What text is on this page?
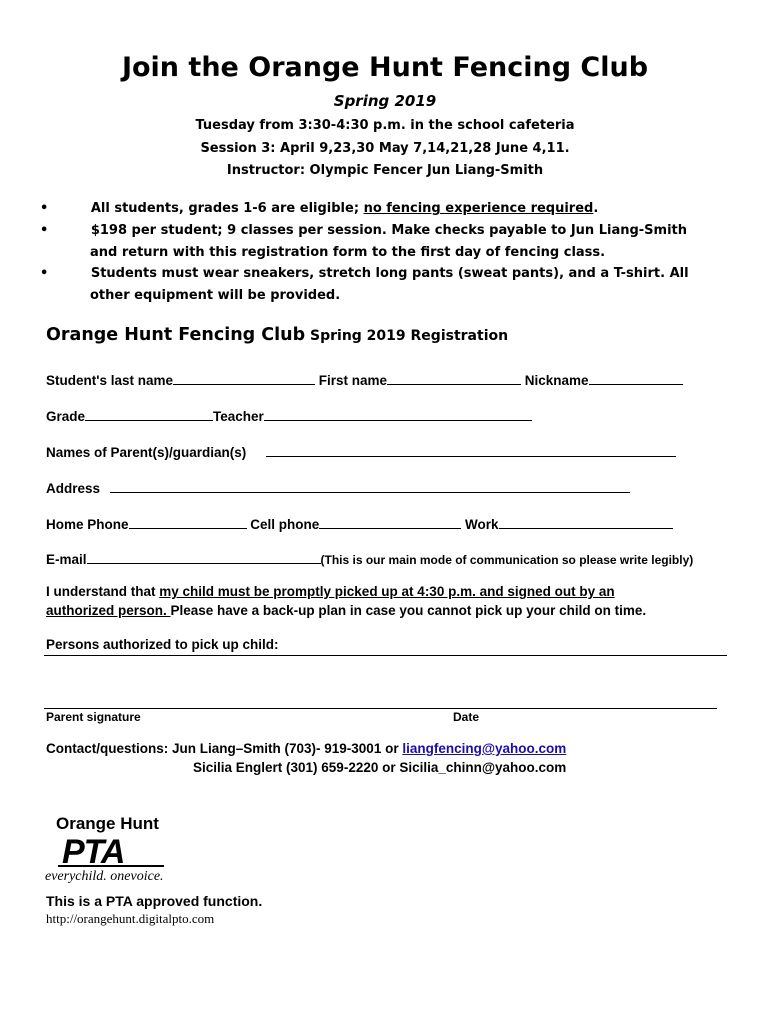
Join the Orange Hunt Fencing Club
Spring 2019
Tuesday from 3:30-4:30 p.m. in the school cafeteria
Session 3: April 9,23,30 May 7,14,21,28 June 4,11.
Instructor: Olympic Fencer Jun Liang-Smith
•	All students, grades 1-6 are eligible; no fencing experience required.
•	$198 per student; 9 classes per session. Make checks payable to Jun Liang-Smith
and return with this registration form to the first day of fencing class.
•	Students must wear sneakers, stretch long pants (sweat pants), and a T-shirt. All
other equipment will be provided.
Orange Hunt Fencing Club Spring 2019 Registration
Student's last name	First name	Nickname
Grade	Teacher
Names of Parent(s)/guardian(s)
Address
Home Phone	Cell phone	Work
E-mail	(This is our main mode of communication so please write legibly)
I understand that my child must be promptly picked up at 4:30 p.m. and signed out by an
authorized person. Please have a back-up plan in case you cannot pick up your child on time.
Persons authorized to pick up child:
Parent signature	Date
Contact/questions: Jun Liang–Smith (703)- 919-3001 or liangfencing@yahoo.com
Sicilia Englert (301) 659-2220 or Sicilia_chinn@yahoo.com
Orange Hunt
PTA
everychild. onevoice.
This is a PTA approved function.
http://orangehunt.digitalpto.com
